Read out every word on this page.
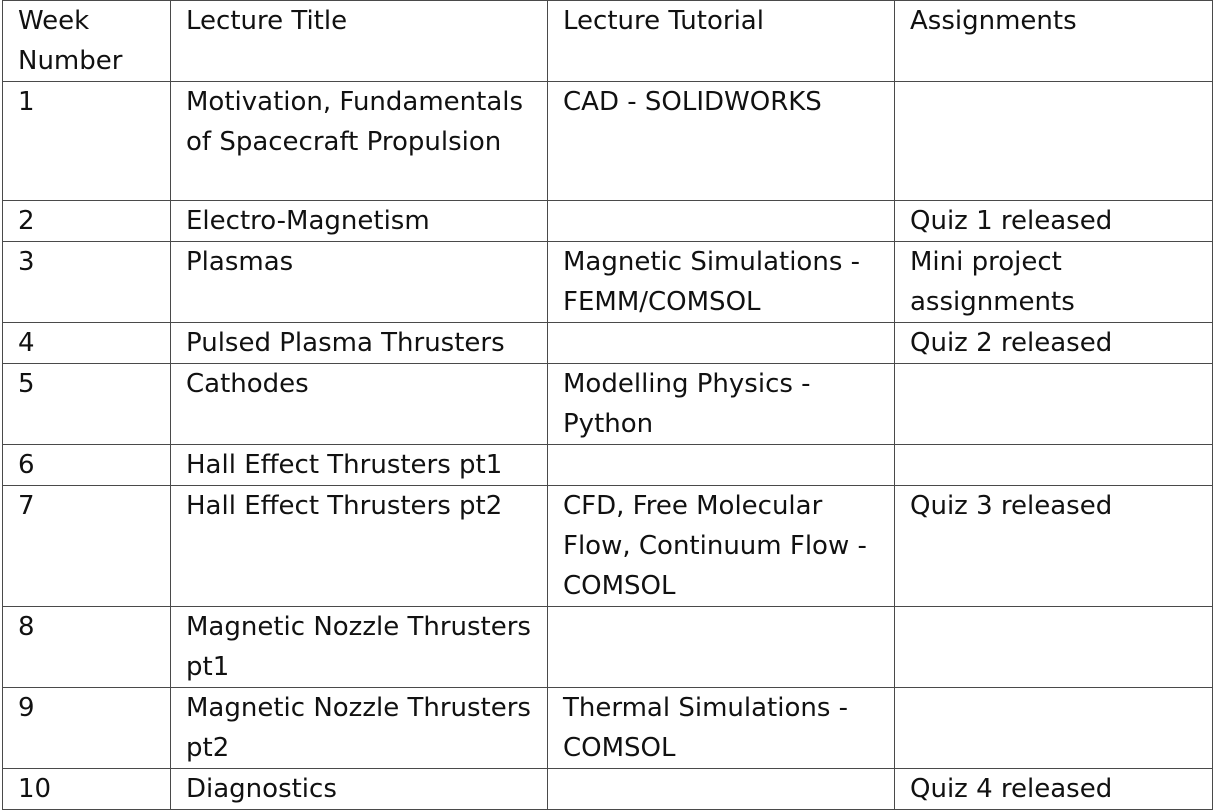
Week Number	Lecture Title	Lecture Tutorial	Assignments
1	Motivation, Fundamentals of Spacecraft Propulsion	CAD - SOLIDWORKS	
2	Electro-Magnetism		Quiz 1 released
3	Plasmas	Magnetic Simulations - FEMM/COMSOL	Mini project assignments
4	Pulsed Plasma Thrusters		Quiz 2 released
5	Cathodes	Modelling Physics - Python	
6	Hall Effect Thrusters pt1		
7	Hall Effect Thrusters pt2	CFD, Free Molecular Flow, Continuum Flow - COMSOL	Quiz 3 released
8	Magnetic Nozzle Thrusters pt1		
9	Magnetic Nozzle Thrusters pt2	Thermal Simulations - COMSOL	
10	Diagnostics		Quiz 4 released
